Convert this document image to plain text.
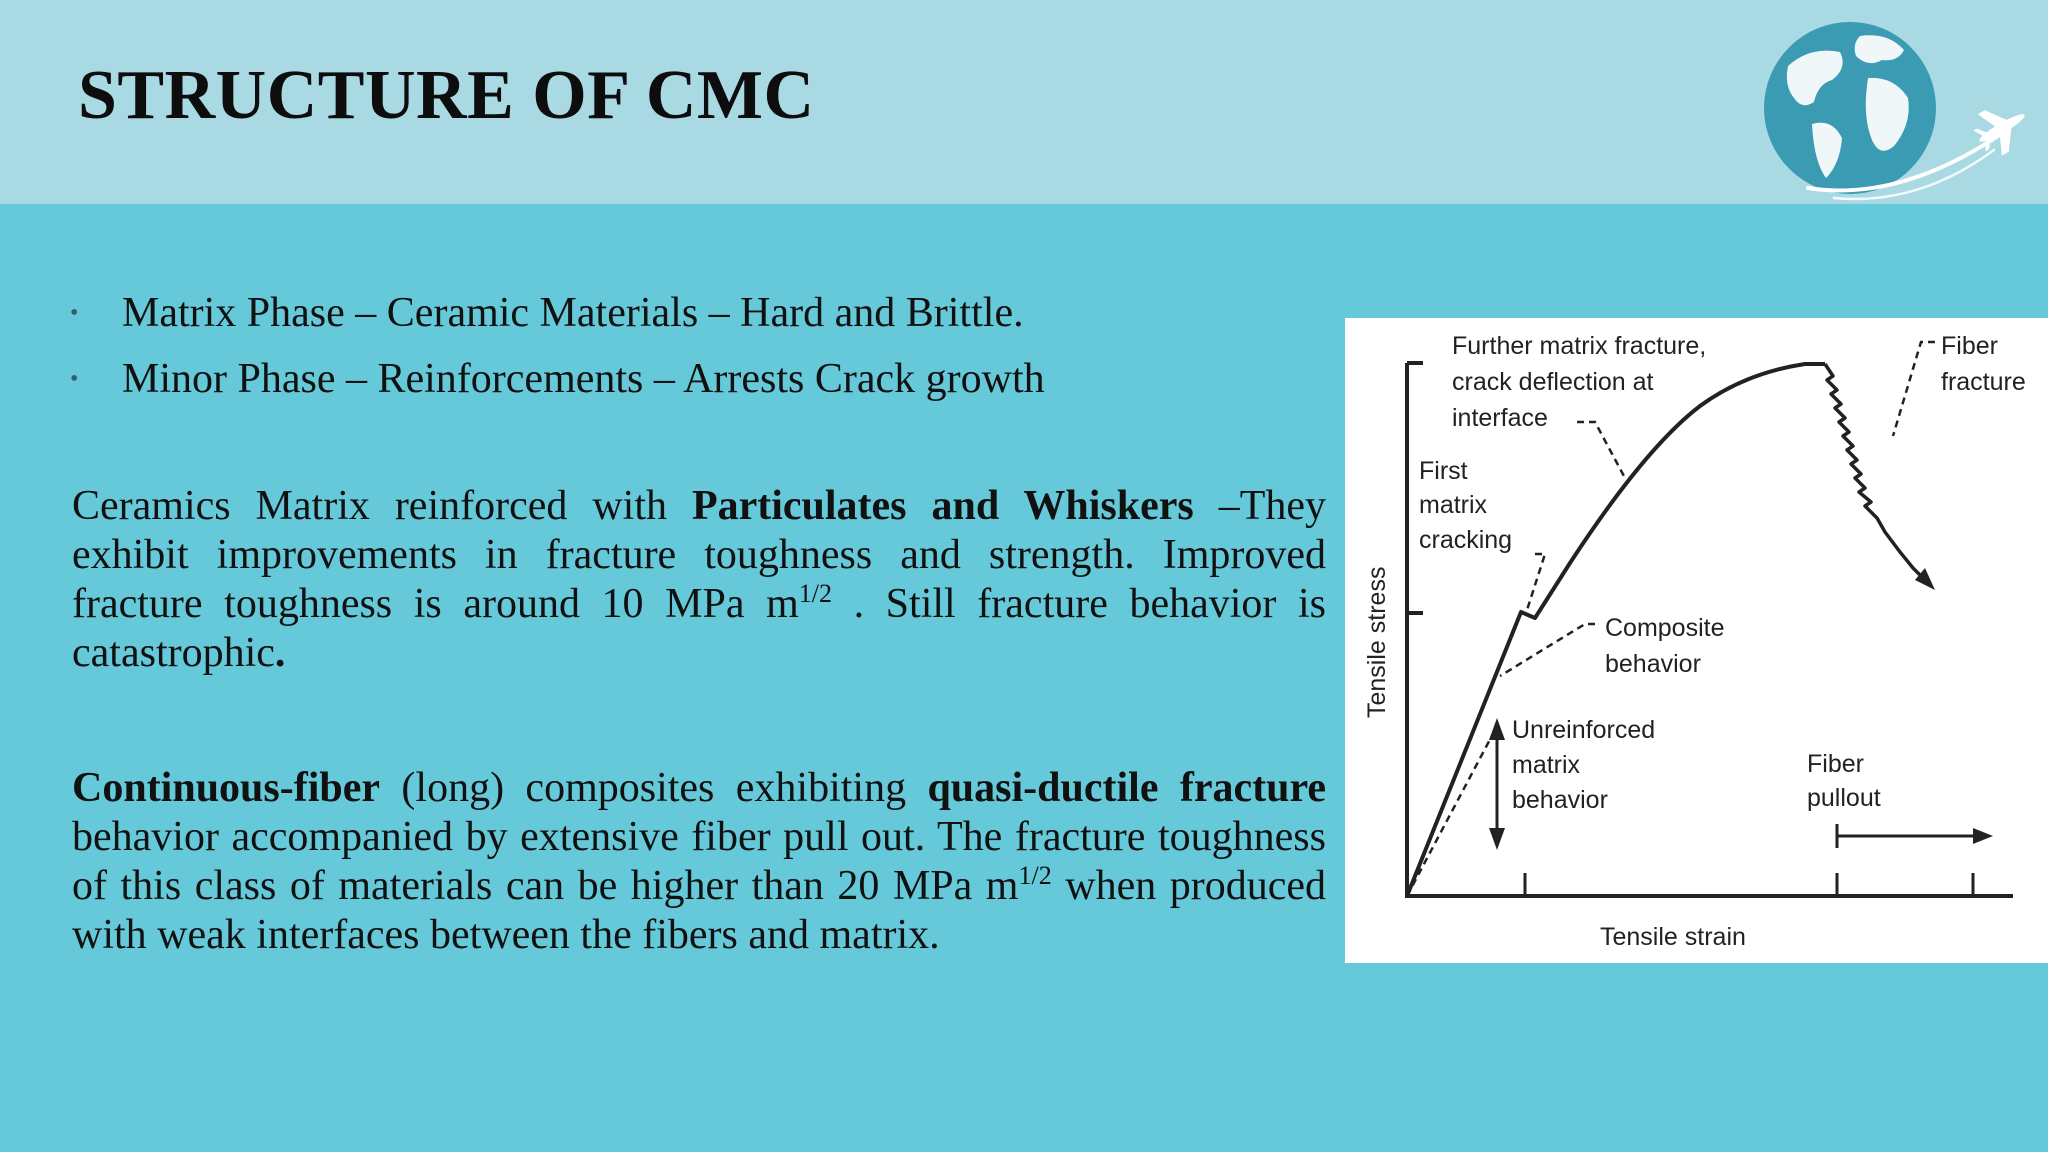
STRUCTURE OF CMC
• Matrix Phase – Ceramic Materials – Hard and Brittle.
• Minor Phase – Reinforcements – Arrests Crack growth

Ceramics Matrix reinforced with Particulates and Whiskers –They exhibit improvements in fracture toughness and strength. Improved fracture toughness is around 10 MPa $m^{1/2}$ . Still fracture behavior is catastrophic.

Continuous-fiber (long) composites exhibiting quasi-ductile fracture behavior accompanied by extensive fiber pull out. The fracture toughness of this class of materials can be higher than 20 MPa $m^{1/2}$ when produced with weak interfaces between the fibers and matrix.

Further matrix fracture,
crack deflection at
interface
First
matrix
cracking
Composite
behavior
Unreinforced
matrix
behavior
Fiber
fracture
Fiber
pullout
Tensile strain
Tensile stress
